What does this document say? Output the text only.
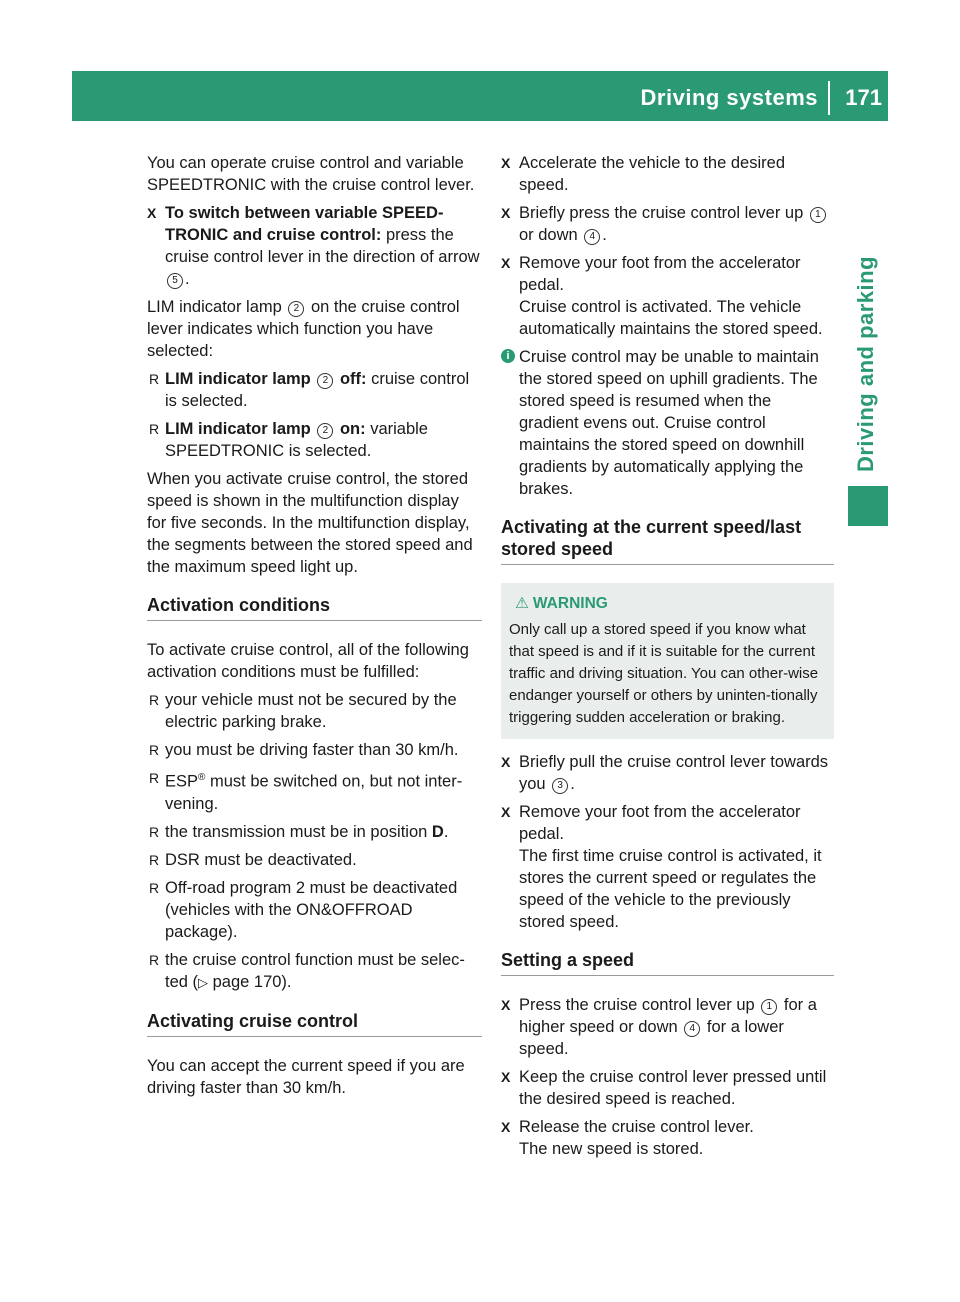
Driving systems 171
Driving and parking

You can operate cruise control and variable SPEEDTRONIC with the cruise control lever.

X To switch between variable SPEED-TRONIC and cruise control: press the cruise control lever in the direction of arrow 5 .

LIM indicator lamp 2 on the cruise control lever indicates which function you have selected:

R LIM indicator lamp 2 off: cruise control is selected.
R LIM indicator lamp 2 on: variable SPEEDTRONIC is selected.

When you activate cruise control, the stored speed is shown in the multifunction display for five seconds. In the multifunction display, the segments between the stored speed and the maximum speed light up.

Activation conditions

To activate cruise control, all of the following activation conditions must be fulfilled:

R your vehicle must not be secured by the electric parking brake.
R you must be driving faster than 30 km/h.
R ESP® must be switched on, but not inter-vening.
R the transmission must be in position D.
R DSR must be deactivated.
R Off-road program 2 must be deactivated (vehicles with the ON&OFFROAD package).
R the cruise control function must be selec-ted (▷ page 170).
Activating cruise control

You can accept the current speed if you are driving faster than 30 km/h.

X Accelerate the vehicle to the desired speed.
X Briefly press the cruise control lever up 1 or down 4 .
X Remove your foot from the accelerator pedal.
Cruise control is activated. The vehicle automatically maintains the stored speed.
i Cruise control may be unable to maintain the stored speed on uphill gradients. The stored speed is resumed when the gradient evens out. Cruise control maintains the stored speed on downhill gradients by automatically applying the brakes.
Activating at the current speed/last stored speed
⚠ WARNING
Only call up a stored speed if you know what that speed is and if it is suitable for the current traffic and driving situation. You can other-wise endanger yourself or others by uninten-tionally triggering sudden acceleration or braking.
X Briefly pull the cruise control lever towards you 3 .
X Remove your foot from the accelerator pedal.
The first time cruise control is activated, it stores the current speed or regulates the speed of the vehicle to the previously stored speed.
Setting a speed
X Press the cruise control lever up 1 for a higher speed or down 4 for a lower speed.
X Keep the cruise control lever pressed until the desired speed is reached.
X Release the cruise control lever.
The new speed is stored.
